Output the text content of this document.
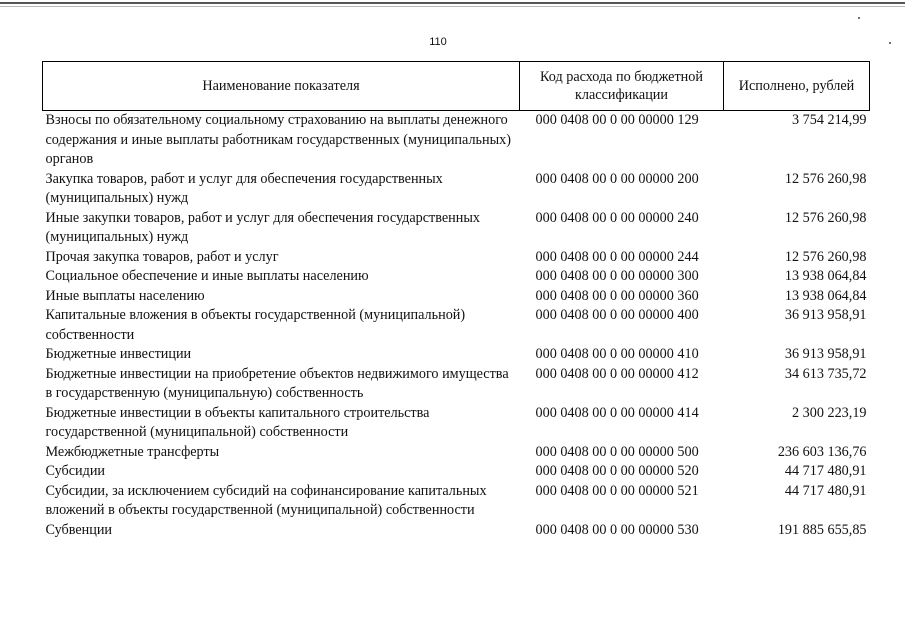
110
Наименование показателя	Код расхода по бюджетной классификации	Исполнено, рублей
Взносы по обязательному социальному страхованию на выплаты денежного содержания и иные выплаты работникам государственных (муниципальных) органов	000 0408 00 0 00 00000 129	3 754 214,99
Закупка товаров, работ и услуг для обеспечения государственных (муниципальных) нужд	000 0408 00 0 00 00000 200	12 576 260,98
Иные закупки товаров, работ и услуг для обеспечения государственных (муниципальных) нужд	000 0408 00 0 00 00000 240	12 576 260,98
Прочая закупка товаров, работ и услуг	000 0408 00 0 00 00000 244	12 576 260,98
Социальное обеспечение и иные выплаты населению	000 0408 00 0 00 00000 300	13 938 064,84
Иные выплаты населению	000 0408 00 0 00 00000 360	13 938 064,84
Капитальные вложения в объекты государственной (муниципальной) собственности	000 0408 00 0 00 00000 400	36 913 958,91
Бюджетные инвестиции	000 0408 00 0 00 00000 410	36 913 958,91
Бюджетные инвестиции на приобретение объектов недвижимого имущества в государственную (муниципальную) собственность	000 0408 00 0 00 00000 412	34 613 735,72
Бюджетные инвестиции в объекты капитального строительства государственной (муниципальной) собственности	000 0408 00 0 00 00000 414	2 300 223,19
Межбюджетные трансферты	000 0408 00 0 00 00000 500	236 603 136,76
Субсидии	000 0408 00 0 00 00000 520	44 717 480,91
Субсидии, за исключением субсидий на софинансирование капитальных вложений в объекты государственной (муниципальной) собственности	000 0408 00 0 00 00000 521	44 717 480,91
Субвенции	000 0408 00 0 00 00000 530	191 885 655,85
